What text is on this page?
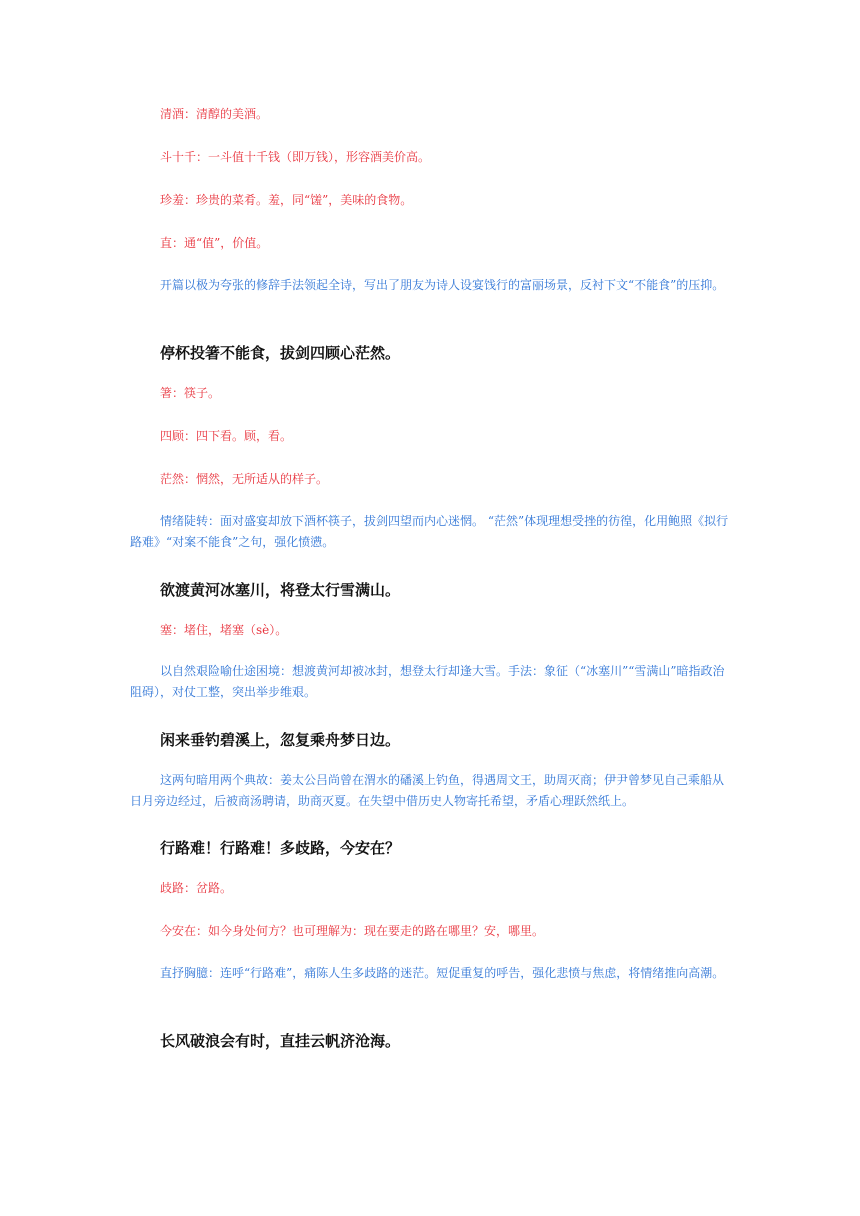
清酒：清醇的美酒。

斗十千：一斗值十千钱（即万钱），形容酒美价高。

珍羞：珍贵的菜肴。羞，同“馐”，美味的食物。

直：通“值”，价值。

开篇以极为夸张的修辞手法领起全诗，写出了朋友为诗人设宴饯行的富丽场景，反衬下文“不能食”的压抑。

停杯投箸不能食，拔剑四顾心茫然。

箸：筷子。

四顾：四下看。顾，看。

茫然：惘然，无所适从的样子。

情绪陡转：面对盛宴却放下酒杯筷子，拔剑四望而内心迷惘。 “茫然”体现理想受挫的彷徨，化用鲍照《拟行路难》“对案不能食”之句，强化愤懑。

欲渡黄河冰塞川，将登太行雪满山。

塞：堵住，堵塞（sè）。

以自然艰险喻仕途困境：想渡黄河却被冰封，想登太行却逢大雪。手法：象征（“冰塞川”“雪满山”暗指政治阻碍），对仗工整，突出举步维艰。

闲来垂钓碧溪上，忽复乘舟梦日边。

这两句暗用两个典故：姜太公吕尚曾在渭水的磻溪上钓鱼，得遇周文王，助周灭商；伊尹曾梦见自己乘船从日月旁边经过，后被商汤聘请，助商灭夏。在失望中借历史人物寄托希望，矛盾心理跃然纸上。

行路难！行路难！多歧路，今安在？

歧路：岔路。

今安在：如今身处何方？也可理解为：现在要走的路在哪里？安，哪里。

直抒胸臆：连呼“行路难”，痛陈人生多歧路的迷茫。短促重复的呼告，强化悲愤与焦虑，将情绪推向高潮。

长风破浪会有时，直挂云帆济沧海。
